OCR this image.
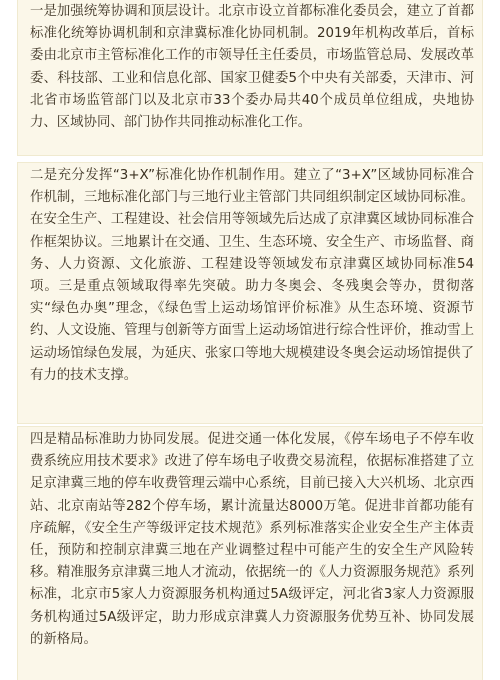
一是加强统筹协调和顶层设计。北京市设立首都标准化委员会，建立了首都标准化统筹协调机制和京津冀标准化协同机制。2019年机构改革后，首标委由北京市主管标准化工作的市领导任主任委员，市场监管总局、发展改革委、科技部、工业和信息化部、国家卫健委5个中央有关部委，天津市、河北省市场监管部门以及北京市33个委办局共40个成员单位组成，央地协力、区域协同、部门协作共同推动标准化工作。

二是充分发挥“3+X”标准化协作机制作用。建立了“3+X”区域协同标准合作机制，三地标准化部门与三地行业主管部门共同组织制定区域协同标准。在安全生产、工程建设、社会信用等领域先后达成了京津冀区域协同标准合作框架协议。三地累计在交通、卫生、生态环境、安全生产、市场监督、商务、人力资源、文化旅游、工程建设等领域发布京津冀区域协同标准54项。三是重点领域取得率先突破。助力冬奥会、冬残奥会等办，贯彻落实“绿色办奥”理念，《绿色雪上运动场馆评价标准》从生态环境、资源节约、人文设施、管理与创新等方面雪上运动场馆进行综合性评价，推动雪上运动场馆绿色发展，为延庆、张家口等地大规模建设冬奥会运动场馆提供了有力的技术支撑。

四是精品标准助力协同发展。促进交通一体化发展，《停车场电子不停车收费系统应用技术要求》改进了停车场电子收费交易流程，依据标准搭建了立足京津冀三地的停车收费管理云端中心系统，目前已接入大兴机场、北京西站、北京南站等282个停车场，累计流量达8000万笔。促进非首都功能有序疏解，《安全生产等级评定技术规范》系列标准落实企业安全生产主体责任，预防和控制京津冀三地在产业调整过程中可能产生的安全生产风险转移。精准服务京津冀三地人才流动，依据统一的《人力资源服务规范》系列标准，北京市5家人力资源服务机构通过5A级评定，河北省3家人力资源服务机构通过5A级评定，助力形成京津冀人力资源服务优势互补、协同发展的新格局。
